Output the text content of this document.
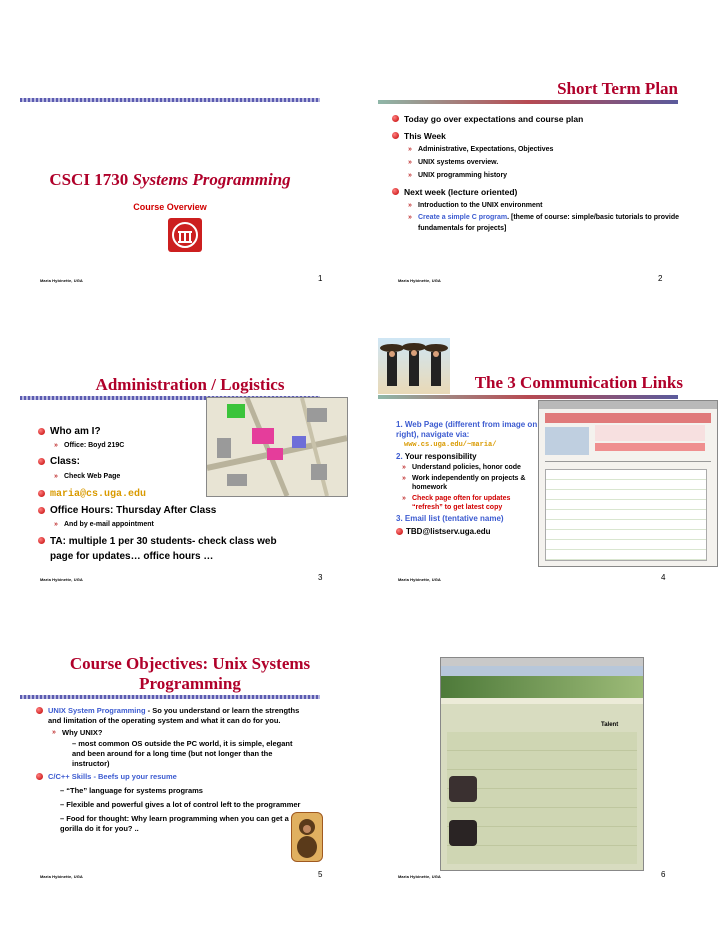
CSCI 1730 Systems Programming
Course Overview
Maria Hybinette, UGA	1
Short Term Plan
Today go over expectations and course plan
This Week
» Administrative, Expectations, Objectives
» UNIX systems overview.
» UNIX programming history
Next week (lecture oriented)
» Introduction to the UNIX environment
» Create a simple C program. [theme of course: simple/basic tutorials to provide fundamentals for projects]
Maria Hybinette, UGA	2
Administration / Logistics
Who am I?
» Office: Boyd 219C
Class:
» Check Web Page
maria@cs.uga.edu
Office Hours: Thursday After Class
» And by e-mail appointment
TA: multiple 1 per 30 students- check class web page for updates… office hours …
Maria Hybinette, UGA	3
The 3 Communication Links
1. Web Page (different from image on right), navigate via:
www.cs.uga.edu/~maria/
2. Your responsibility
» Understand policies, honor code
» Work independently on projects & homework
» Check page often for updates “refresh” to get latest copy
3. Email list (tentative name)
TBD@listserv.uga.edu
Maria Hybinette, UGA	4
Course Objectives: Unix Systems Programming
UNIX System Programming - So you understand or learn the strengths and limitation of the operating system and what it can do for you.
» Why UNIX?
– most common OS outside the PC world, it is simple, elegant and been around for a long time (but not longer than the instructor)
C/C++ Skills - Beefs up your resume
– “The” language for systems programs
– Flexible and powerful gives a lot of control left to the programmer
– Food for thought: Why learn programming when you can get a gorilla do it for you? ..
Maria Hybinette, UGA	5
Talent
Maria Hybinette, UGA	6
